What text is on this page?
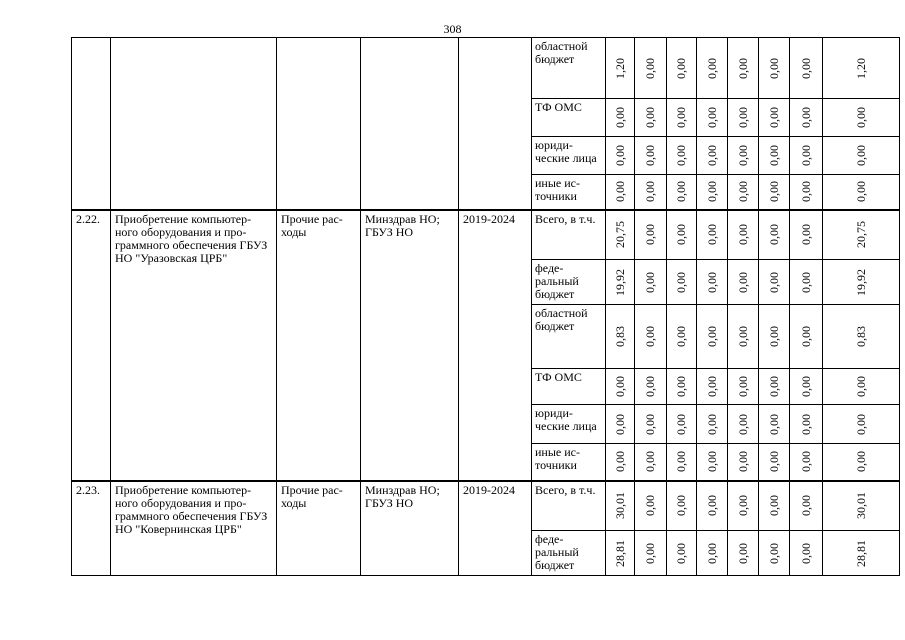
308
					областной бюджет	1,20	0,00	0,00	0,00	0,00	0,00	0,00	1,20
					ТФ ОМС	0,00	0,00	0,00	0,00	0,00	0,00	0,00	0,00
					юриди-ческие лица	0,00	0,00	0,00	0,00	0,00	0,00	0,00	0,00
					иные ис-точники	0,00	0,00	0,00	0,00	0,00	0,00	0,00	0,00
2.22.	Приобретение компьютер-ного оборудования и про-граммного обеспечения ГБУЗ НО "Уразовская ЦРБ"	Прочие рас-ходы	Минздрав НО; ГБУЗ НО	2019-2024	Всего, в т.ч.	20,75	0,00	0,00	0,00	0,00	0,00	0,00	20,75
					феде-ральный бюджет	19,92	0,00	0,00	0,00	0,00	0,00	0,00	19,92
					областной бюджет	0,83	0,00	0,00	0,00	0,00	0,00	0,00	0,83
					ТФ ОМС	0,00	0,00	0,00	0,00	0,00	0,00	0,00	0,00
					юриди-ческие лица	0,00	0,00	0,00	0,00	0,00	0,00	0,00	0,00
					иные ис-точники	0,00	0,00	0,00	0,00	0,00	0,00	0,00	0,00
2.23.	Приобретение компьютер-ного оборудования и про-граммного обеспечения ГБУЗ НО "Ковернинская ЦРБ"	Прочие рас-ходы	Минздрав НО; ГБУЗ НО	2019-2024	Всего, в т.ч.	30,01	0,00	0,00	0,00	0,00	0,00	0,00	30,01
					феде-ральный бюджет	28,81	0,00	0,00	0,00	0,00	0,00	0,00	28,81
